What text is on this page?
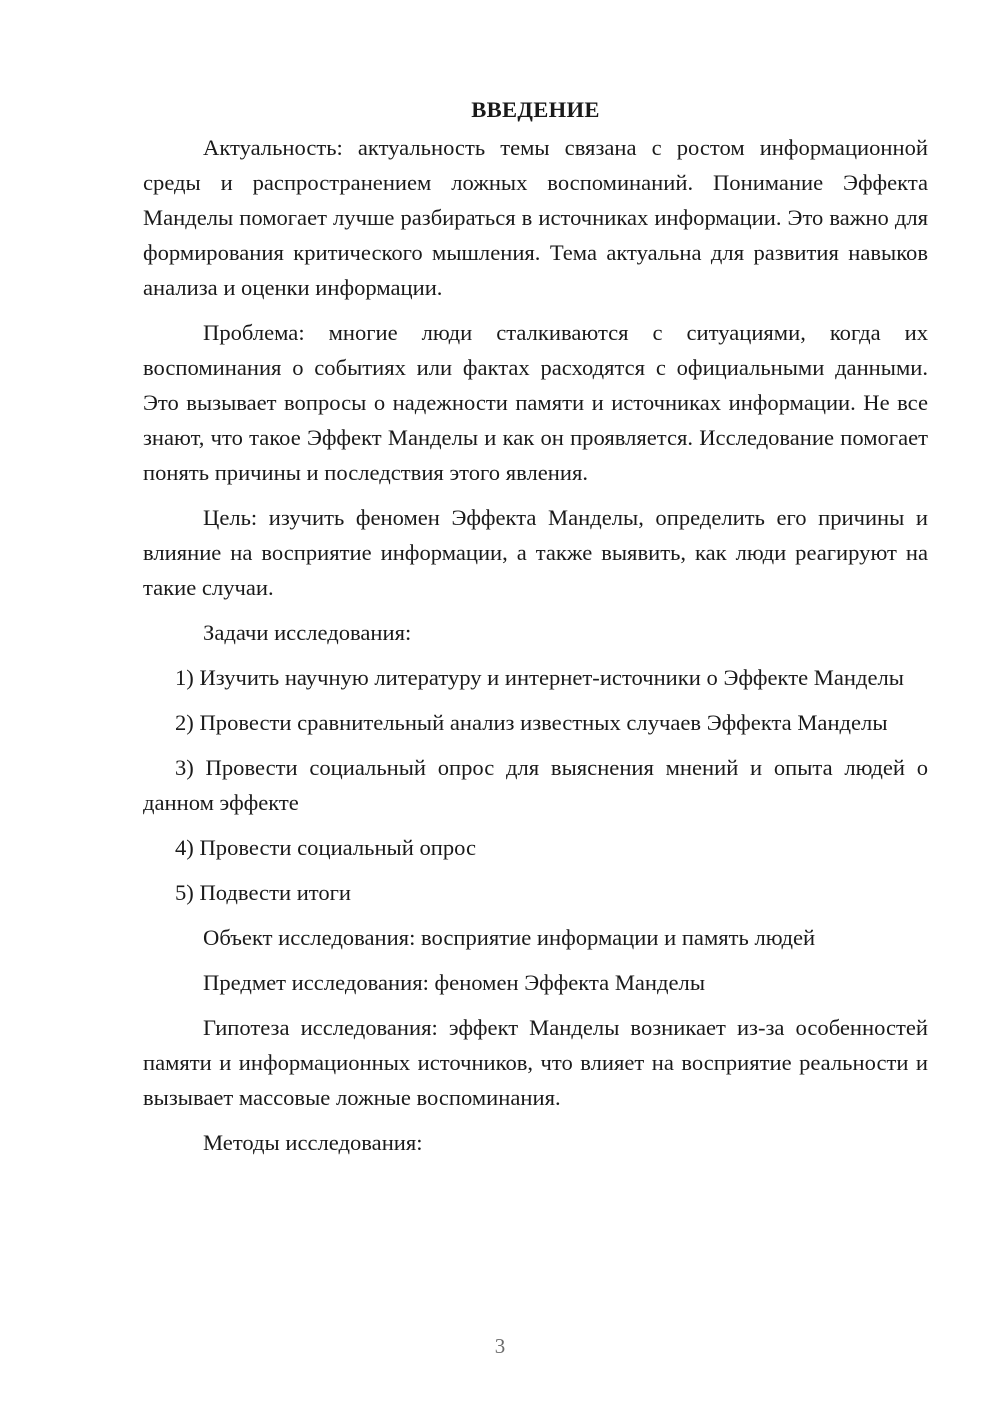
ВВЕДЕНИЕ

Актуальность: актуальность темы связана с ростом информационной среды и распространением ложных воспоминаний. Понимание Эффекта Манделы помогает лучше разбираться в источниках информации. Это важно для формирования критического мышления. Тема актуальна для развития навыков анализа и оценки информации.

Проблема: многие люди сталкиваются с ситуациями, когда их воспоминания о событиях или фактах расходятся с официальными данными. Это вызывает вопросы о надежности памяти и источниках информации. Не все знают, что такое Эффект Манделы и как он проявляется. Исследование помогает понять причины и последствия этого явления.

Цель: изучить феномен Эффекта Манделы, определить его причины и влияние на восприятие информации, а также выявить, как люди реагируют на такие случаи.

Задачи исследования:

1) Изучить научную литературу и интернет-источники о Эффекте Манделы

2) Провести сравнительный анализ известных случаев Эффекта Манделы

3) Провести социальный опрос для выяснения мнений и опыта людей о данном эффекте

4) Провести социальный опрос

5) Подвести итоги

Объект исследования: восприятие информации и память людей

Предмет исследования: феномен Эффекта Манделы

Гипотеза исследования: эффект Манделы возникает из-за особенностей памяти и информационных источников, что влияет на восприятие реальности и вызывает массовые ложные воспоминания.

Методы исследования:

3
